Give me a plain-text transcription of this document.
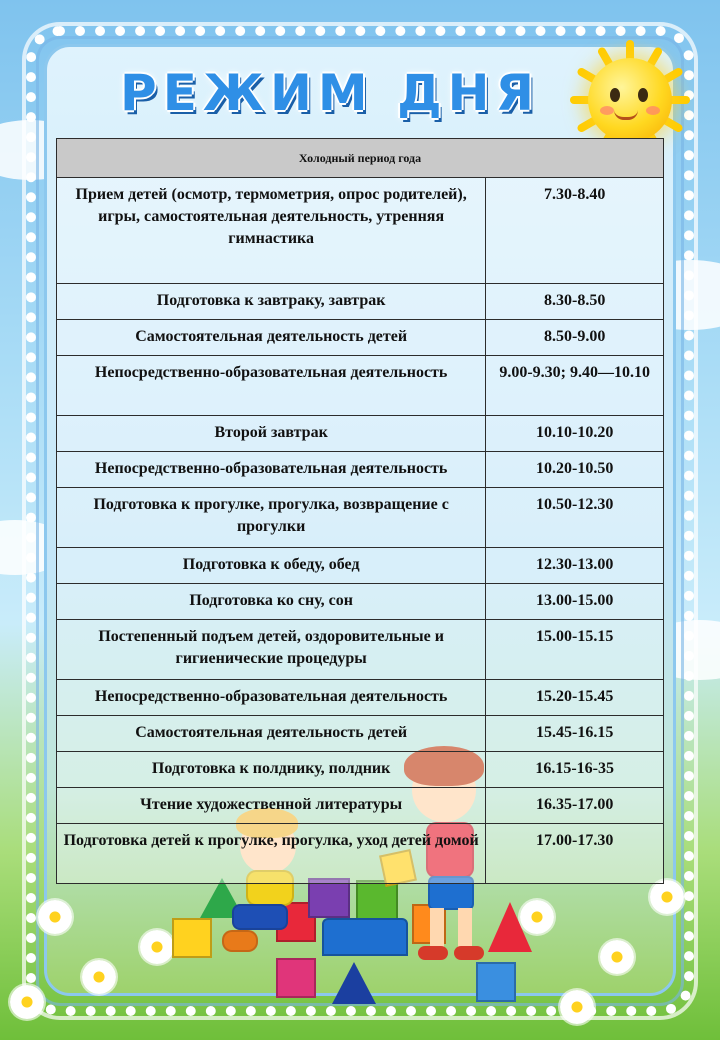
РЕЖИМ ДНЯ
Холодный период года	
Прием детей (осмотр, термометрия, опрос родителей),
игры, самостоятельная деятельность, утренняя гимнастика	7.30-8.40
Подготовка к завтраку, завтрак	8.30-8.50
Самостоятельная деятельность детей	8.50-9.00
Непосредственно-образовательная деятельность	9.00-9.30; 9.40—10.10
Второй завтрак	10.10-10.20
Непосредственно-образовательная деятельность	10.20-10.50
Подготовка к прогулке, прогулка, возвращение с прогулки	10.50-12.30
Подготовка к обеду, обед	12.30-13.00
Подготовка ко сну, сон	13.00-15.00
Постепенный подъем детей, оздоровительные и гигиенические процедуры	15.00-15.15
Непосредственно-образовательная деятельность	15.20-15.45
Самостоятельная деятельность детей	15.45-16.15
Подготовка к полднику, полдник	16.15-16-35
Чтение художественной литературы	16.35-17.00
Подготовка детей к прогулке, прогулка, уход детей домой	17.00-17.30
